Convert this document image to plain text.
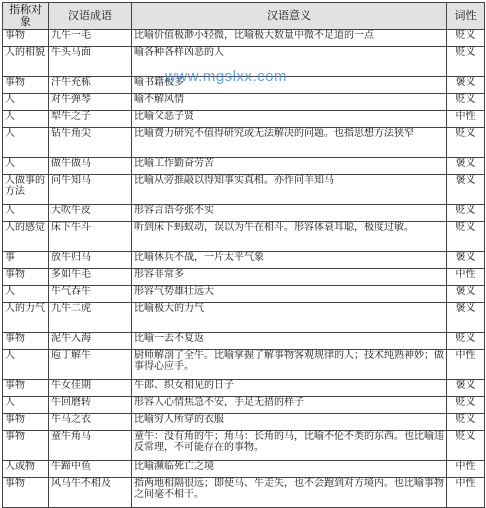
指称对象	汉语成语	汉语意义	词性
事物	九牛一毛	比喻价值极渺小轻微，比喻极大数量中微不足道的一点	贬义
人的相貌	牛头马面	喻各种各样凶恶的人	贬义
事物	汗牛充栋	喻书籍极多	褒义
人	对牛弹琴	喻不解风情	贬义
人	犁牛之子	比喻父恶子贤	中性
人	钻牛角尖	比喻费力研究不值得研究或无法解决的问题。也指思想方法狭窄	贬义
人	做牛做马	比喻工作勤奋劳苦	褒义
人做事的方法	问牛知马	比喻从旁推敲以得知事实真相。亦作问羊知马	褒义
人	大吹牛皮	形容言语夸张不实	贬义
人的感觉	床下牛斗	听到床下蚂蚁动，误以为牛在相斗。形容体衰耳聪，极度过敏。	贬义
事	放牛归马	比喻休兵不战，一片太平气象	褒义
事物	多如牛毛	形容非常多	中性
人	牛气吞牛	形容气势雄壮远大	褒义
人的力气	九牛二虎	比喻极大的力气	褒义
事物	泥牛入海	比喻一去不复返	贬义
人	庖丁解牛	厨师解剖了全牛。比喻掌握了解事物客观规律的人；技术纯熟神妙；做事得心应手。	中性
事物	牛女佳期	牛郎、织女相见的日子	褒义
人	牛回磨转	形容人心情焦急不安，手足无措的样子	贬义
事物	牛马之衣	比喻穷人所穿的衣服	贬义
事物	童牛角马	童牛：没有角的牛；角马：长角的马，比喻不伦不类的东西。也比喻违反常理，不可能存在的事物。	贬义
人或物	牛蹄中鱼	比喻濒临死亡之境	中性
事物	风马牛不相及	指两地相隔很远；即使马、牛走失，也不会跑到对方境内。也比喻事物之间毫不相干。	中性
www.mgslxx.com
